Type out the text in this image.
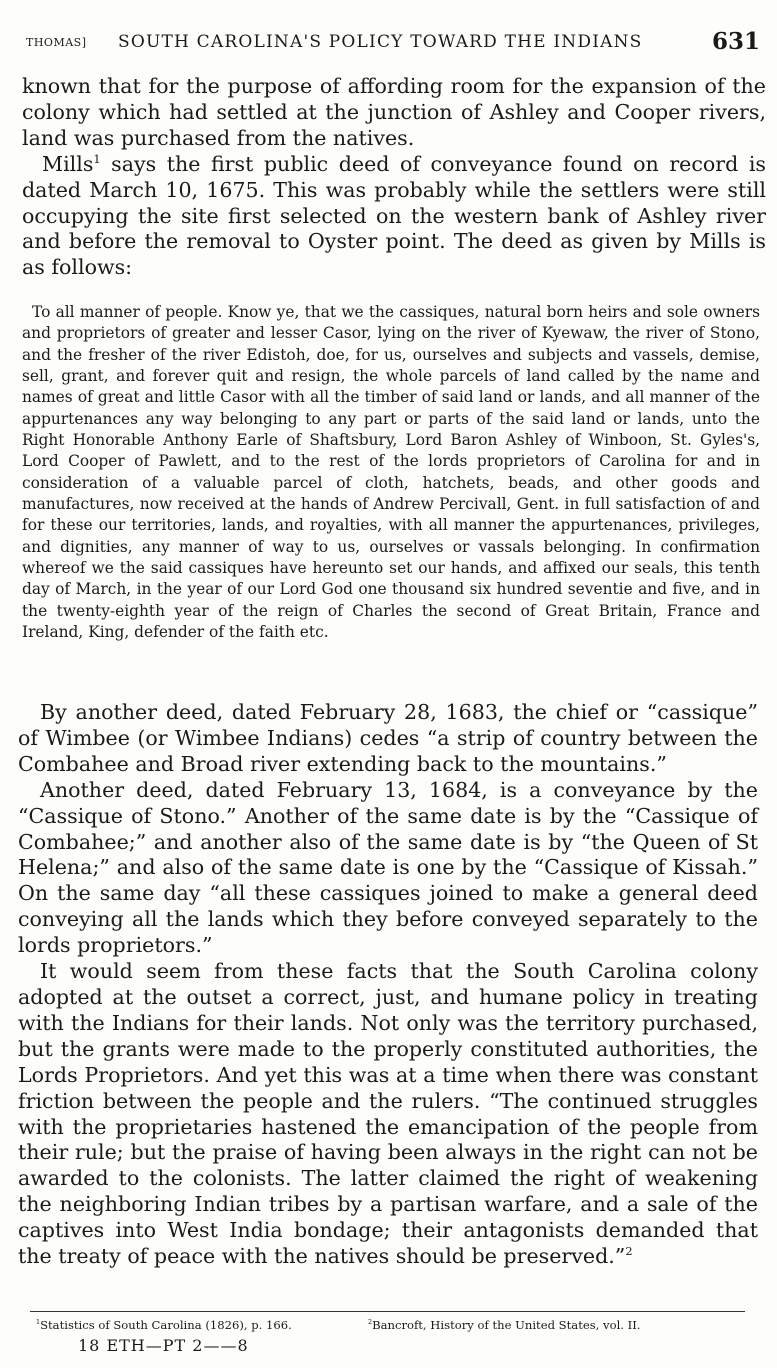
THOMAS] SOUTH CAROLINA'S POLICY TOWARD THE INDIANS	631

known that for the purpose of affording room for the expansion of the colony which had settled at the junction of Ashley and Cooper rivers, land was purchased from the natives.

Mills$^1$ says the first public deed of conveyance found on record is dated March 10, 1675. This was probably while the settlers were still occupying the site first selected on the western bank of Ashley river and before the removal to Oyster point. The deed as given by Mills is as follows:

To all manner of people. Know ye, that we the cassiques, natural born heirs and sole owners and proprietors of greater and lesser Casor, lying on the river of Kyewaw, the river of Stono, and the fresher of the river Edistoh, doe, for us, ourselves and subjects and vassels, demise, sell, grant, and forever quit and resign, the whole parcels of land called by the name and names of great and little Casor with all the timber of said land or lands, and all manner of the appurtenances any way belonging to any part or parts of the said land or lands, unto the Right Honorable Anthony Earle of Shaftsbury, Lord Baron Ashley of Winboon, St. Gyles's, Lord Cooper of Pawlett, and to the rest of the lords proprietors of Carolina for and in consideration of a valuable parcel of cloth, hatchets, beads, and other goods and manufactures, now received at the hands of Andrew Percivall, Gent. in full satisfaction of and for these our territories, lands, and royalties, with all manner the appurtenances, privileges, and dignities, any manner of way to us, ourselves or vassals belonging. In confirmation whereof we the said cassiques have hereunto set our hands, and affixed our seals, this tenth day of March, in the year of our Lord God one thousand six hundred seventie and five, and in the twenty-eighth year of the reign of Charles the second of Great Britain, France and Ireland, King, defender of the faith etc.

By another deed, dated February 28, 1683, the chief or “cassique” of Wimbee (or Wimbee Indians) cedes “a strip of country between the Combahee and Broad river extending back to the mountains.”

Another deed, dated February 13, 1684, is a conveyance by the “Cassique of Stono.” Another of the same date is by the “Cassique of Combahee;” and another also of the same date is by “the Queen of St Helena;” and also of the same date is one by the “Cassique of Kissah.” On the same day “all these cassiques joined to make a general deed conveying all the lands which they before conveyed separately to the lords proprietors.”

It would seem from these facts that the South Carolina colony adopted at the outset a correct, just, and humane policy in treating with the Indians for their lands. Not only was the territory purchased, but the grants were made to the properly constituted authorities, the Lords Proprietors. And yet this was at a time when there was constant friction between the people and the rulers. “The continued struggles with the proprietaries hastened the emancipation of the people from their rule; but the praise of having been always in the right can not be awarded to the colonists. The latter claimed the right of weakening the neighboring Indian tribes by a partisan warfare, and a sale of the captives into West India bondage; their antagonists demanded that the treaty of peace with the natives should be preserved.”$^2$

$^1$Statistics of South Carolina (1826), p. 166.	$^2$Bancroft, History of the United States, vol. II.
18 ETH—PT 2——8
